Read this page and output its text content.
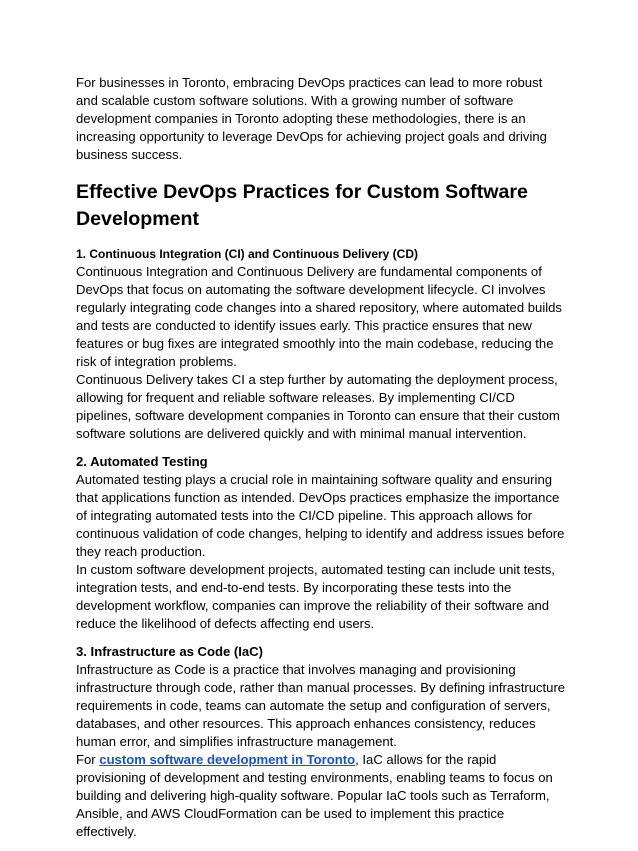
For businesses in Toronto, embracing DevOps practices can lead to more robust and scalable custom software solutions. With a growing number of software development companies in Toronto adopting these methodologies, there is an increasing opportunity to leverage DevOps for achieving project goals and driving business success.

Effective DevOps Practices for Custom Software Development
1. Continuous Integration (CI) and Continuous Delivery (CD)

Continuous Integration and Continuous Delivery are fundamental components of DevOps that focus on automating the software development lifecycle. CI involves regularly integrating code changes into a shared repository, where automated builds and tests are conducted to identify issues early. This practice ensures that new features or bug fixes are integrated smoothly into the main codebase, reducing the risk of integration problems.

Continuous Delivery takes CI a step further by automating the deployment process, allowing for frequent and reliable software releases. By implementing CI/CD pipelines, software development companies in Toronto can ensure that their custom software solutions are delivered quickly and with minimal manual intervention.

2. Automated Testing

Automated testing plays a crucial role in maintaining software quality and ensuring that applications function as intended. DevOps practices emphasize the importance of integrating automated tests into the CI/CD pipeline. This approach allows for continuous validation of code changes, helping to identify and address issues before they reach production.

In custom software development projects, automated testing can include unit tests, integration tests, and end-to-end tests. By incorporating these tests into the development workflow, companies can improve the reliability of their software and reduce the likelihood of defects affecting end users.

3. Infrastructure as Code (IaC)

Infrastructure as Code is a practice that involves managing and provisioning infrastructure through code, rather than manual processes. By defining infrastructure requirements in code, teams can automate the setup and configuration of servers, databases, and other resources. This approach enhances consistency, reduces human error, and simplifies infrastructure management.

For custom software development in Toronto, IaC allows for the rapid provisioning of development and testing environments, enabling teams to focus on building and delivering high-quality software. Popular IaC tools such as Terraform, Ansible, and AWS CloudFormation can be used to implement this practice effectively.
